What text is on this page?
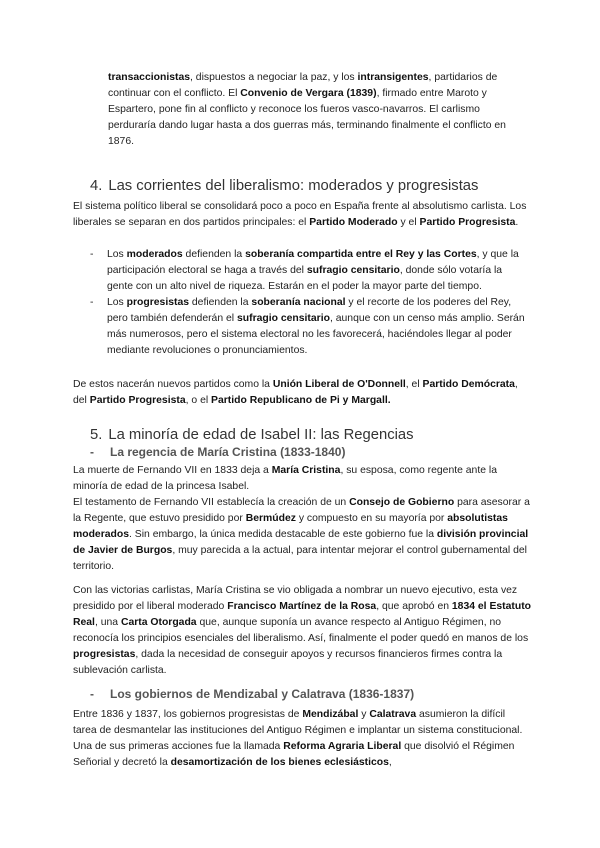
transaccionistas, dispuestos a negociar la paz, y los intransigentes, partidarios de continuar con el conflicto. El Convenio de Vergara (1839), firmado entre Maroto y Espartero, pone fin al conflicto y reconoce los fueros vasco-navarros. El carlismo perduraría dando lugar hasta a dos guerras más, terminando finalmente el conflicto en 1876.

4. Las corrientes del liberalismo: moderados y progresistas

El sistema político liberal se consolidará poco a poco en España frente al absolutismo carlista. Los liberales se separan en dos partidos principales: el Partido Moderado y el Partido Progresista.

- Los moderados defienden la soberanía compartida entre el Rey y las Cortes, y que la participación electoral se haga a través del sufragio censitario, donde sólo votaría la gente con un alto nivel de riqueza. Estarán en el poder la mayor parte del tiempo.
- Los progresistas defienden la soberanía nacional y el recorte de los poderes del Rey, pero también defenderán el sufragio censitario, aunque con un censo más amplio. Serán más numerosos, pero el sistema electoral no les favorecerá, haciéndoles llegar al poder mediante revoluciones o pronunciamientos.

De estos nacerán nuevos partidos como la Unión Liberal de O'Donnell, el Partido Demócrata, del Partido Progresista, o el Partido Republicano de Pi y Margall.

5. La minoría de edad de Isabel II: las Regencias
- La regencia de María Cristina (1833-1840)

La muerte de Fernando VII en 1833 deja a María Cristina, su esposa, como regente ante la minoría de edad de la princesa Isabel.

El testamento de Fernando VII establecía la creación de un Consejo de Gobierno para asesorar a la Regente, que estuvo presidido por Bermúdez y compuesto en su mayoría por absolutistas moderados. Sin embargo, la única medida destacable de este gobierno fue la división provincial de Javier de Burgos, muy parecida a la actual, para intentar mejorar el control gubernamental del territorio.

Con las victorias carlistas, María Cristina se vio obligada a nombrar un nuevo ejecutivo, esta vez presidido por el liberal moderado Francisco Martínez de la Rosa, que aprobó en 1834 el Estatuto Real, una Carta Otorgada que, aunque suponía un avance respecto al Antiguo Régimen, no reconocía los principios esenciales del liberalismo. Así, finalmente el poder quedó en manos de los progresistas, dada la necesidad de conseguir apoyos y recursos financieros firmes contra la sublevación carlista.

- Los gobiernos de Mendizabal y Calatrava (1836-1837)

Entre 1836 y 1837, los gobiernos progresistas de Mendizábal y Calatrava asumieron la difícil tarea de desmantelar las instituciones del Antiguo Régimen e implantar un sistema constitucional. Una de sus primeras acciones fue la llamada Reforma Agraria Liberal que disolvió el Régimen Señorial y decretó la desamortización de los bienes eclesiásticos,
